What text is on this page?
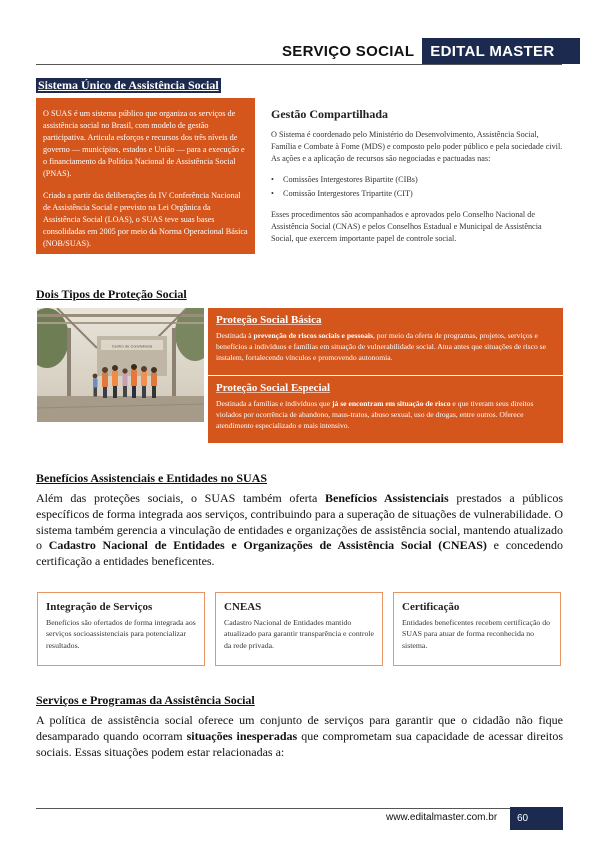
SERVIÇO SOCIAL	EDITAL MASTER
Sistema Único de Assistência Social

O SUAS é um sistema público que organiza os serviços de assistência social no Brasil, com modelo de gestão participativa. Articula esforços e recursos dos três níveis de governo — municípios, estados e União — para a execução e o financiamento da Política Nacional de Assistência Social (PNAS).

Criado a partir das deliberações da IV Conferência Nacional de Assistência Social e previsto na Lei Orgânica da Assistência Social (LOAS), o SUAS teve suas bases consolidadas em 2005 por meio da Norma Operacional Básica (NOB/SUAS).

Gestão Compartilhada
O Sistema é coordenado pelo Ministério do Desenvolvimento, Assistência Social, Família e Combate à Fome (MDS) e composto pelo poder público e pela sociedade civil. As ações e a aplicação de recursos são negociadas e pactuadas nas:
• Comissões Intergestores Bipartite (CIBs)
• Comissão Intergestores Tripartite (CIT)
Esses procedimentos são acompanhados e aprovados pelo Conselho Nacional de Assistência Social (CNAS) e pelos Conselhos Estadual e Municipal de Assistência Social, que exercem importante papel de controle social.
Dois Tipos de Proteção Social
Centro de Convivência
Proteção Social Básica

Destinada à prevenção de riscos sociais e pessoais, por meio da oferta de programas, projetos, serviços e benefícios a indivíduos e famílias em situação de vulnerabilidade social. Atua antes que situações de risco se instalem, fortalecendo vínculos e promovendo autonomia.

Proteção Social Especial

Destinada a famílias e indivíduos que já se encontram em situação de risco e que tiveram seus direitos violados por ocorrência de abandono, maus-tratos, abuso sexual, uso de drogas, entre outros. Oferece atendimento especializado e mais intensivo.

Benefícios Assistenciais e Entidades no SUAS
Além das proteções sociais, o SUAS também oferta Benefícios Assistenciais prestados a públicos específicos de forma integrada aos serviços, contribuindo para a superação de situações de vulnerabilidade. O sistema também gerencia a vinculação de entidades e organizações de assistência social, mantendo atualizado o Cadastro Nacional de Entidades e Organizações de Assistência Social (CNEAS) e concedendo certificação a entidades beneficentes.
Integração de Serviços

Benefícios são ofertados de forma integrada aos serviços socioassistenciais para potencializar resultados.

CNEAS

Cadastro Nacional de Entidades mantido atualizado para garantir transparência e controle da rede privada.

Certificação

Entidades beneficentes recebem certificação do SUAS para atuar de forma reconhecida no sistema.

Serviços e Programas da Assistência Social
A política de assistência social oferece um conjunto de serviços para garantir que o cidadão não fique desamparado quando ocorram situações inesperadas que comprometam sua capacidade de acessar direitos sociais. Essas situações podem estar relacionadas a:
www.editalmaster.com.br	60
